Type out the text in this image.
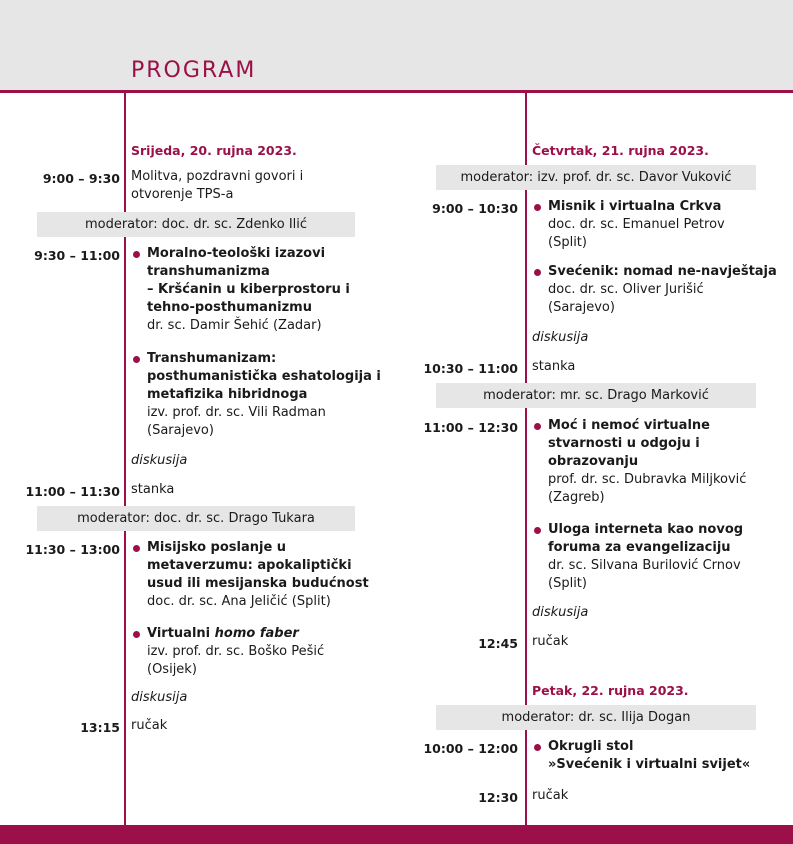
PROGRAM
Srijeda, 20. rujna 2023.
9:00 – 9:30 Molitva, pozdravni govori i
otvorenje TPS-a
moderator: doc. dr. sc. Zdenko Ilić
9:30 – 11:00 Moralno-teološki izazovi
transhumanizma
– Kršćanin u kiberprostoru i
tehno-posthumanizmu
dr. sc. Damir Šehić (Zadar)
Transhumanizam:
posthumanistička eshatologija i
metafizika hibridnoga
izv. prof. dr. sc. Vili Radman
(Sarajevo)
diskusija
11:00 – 11:30 stanka
moderator: doc. dr. sc. Drago Tukara
11:30 – 13:00 Misijsko poslanje u
metaverzumu: apokaliptički
usud ili mesijanska budućnost
doc. dr. sc. Ana Jeličić (Split)
Virtualni homo faber
izv. prof. dr. sc. Boško Pešić
(Osijek)
diskusija
13:15 ručak
Četvrtak, 21. rujna 2023.
moderator: izv. prof. dr. sc. Davor Vuković
9:00 – 10:30 Misnik i virtualna Crkva
doc. dr. sc. Emanuel Petrov
(Split)
Svećenik: nomad ne-navještaja
doc. dr. sc. Oliver Jurišić
(Sarajevo)
diskusija
10:30 – 11:00 stanka
moderator: mr. sc. Drago Marković
11:00 – 12:30 Moć i nemoć virtualne
stvarnosti u odgoju i
obrazovanju
prof. dr. sc. Dubravka Miljković
(Zagreb)
Uloga interneta kao novog
foruma za evangelizaciju
dr. sc. Silvana Burilović Crnov
(Split)
diskusija
12:45 ručak
Petak, 22. rujna 2023.
moderator: dr. sc. Ilija Dogan
10:00 – 12:00 Okrugli stol
»Svećenik i virtualni svijet«
12:30 ručak
